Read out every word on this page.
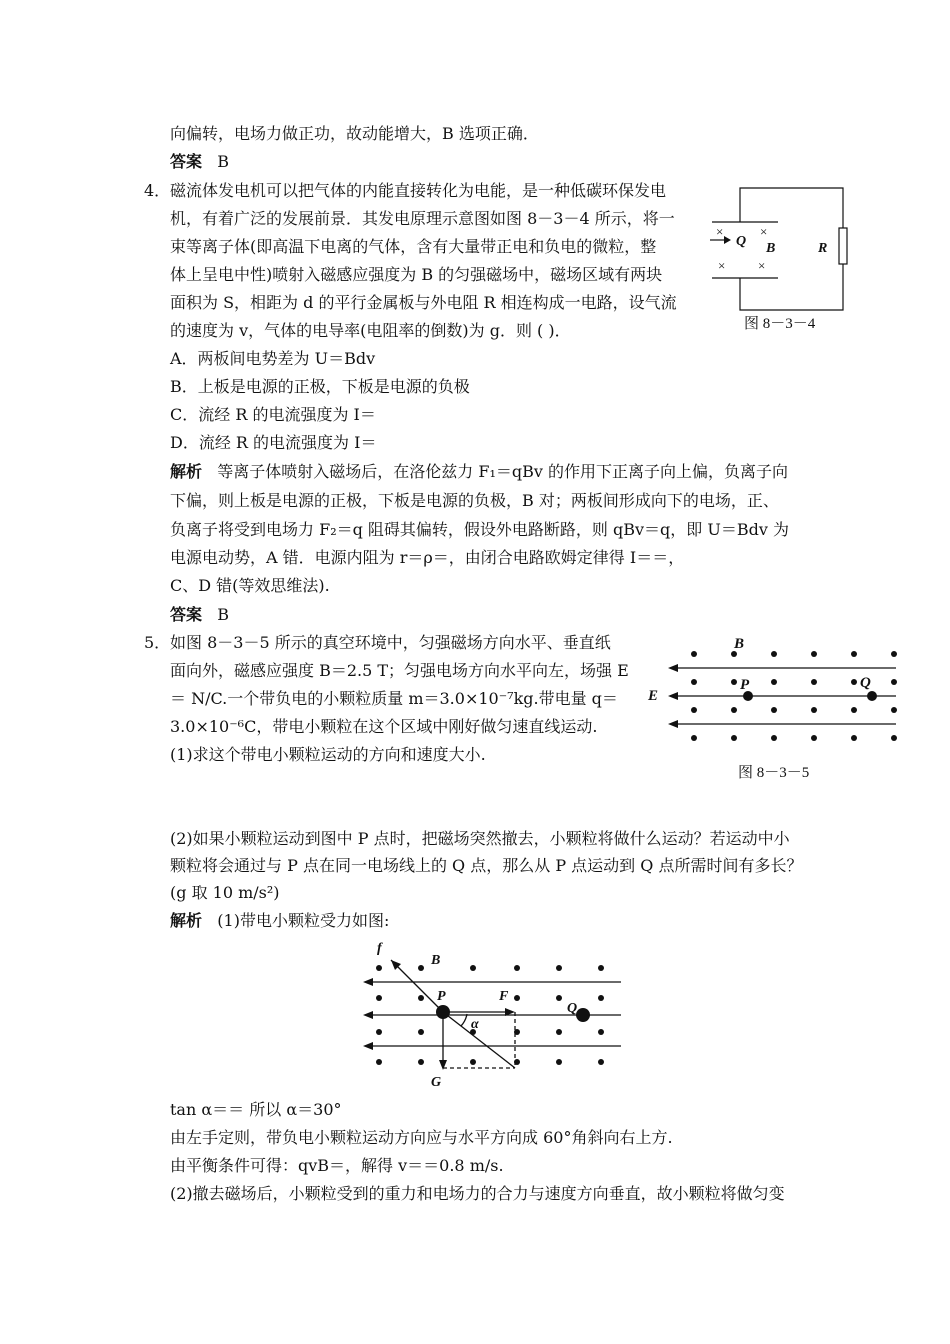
向偏转，电场力做正功，故动能增大，B 选项正确．
答案 B
4． 磁流体发电机可以把气体的内能直接转化为电能，是一种低碳环保发电
机，有着广泛的发展前景．其发电原理示意图如图 8－3－4 所示，将一
束等离子体(即高温下电离的气体，含有大量带正电和负电的微粒，整
体上呈电中性)喷射入磁感应强度为 B 的匀强磁场中，磁场区域有两块
面积为 S，相距为 d 的平行金属板与外电阻 R 相连构成一电路，设气流
的速度为 v，气体的电导率(电阻率的倒数)为 g．则 ( )．
A．两板间电势差为 U＝Bdv
B．上板是电源的正极，下板是电源的负极
C．流经 R 的电流强度为 I＝
D．流经 R 的电流强度为 I＝
解析 等离子体喷射入磁场后，在洛伦兹力 F₁＝qBv 的作用下正离子向上偏，负离子向
下偏，则上板是电源的正极，下板是电源的负极，B 对；两板间形成向下的电场，正、
负离子将受到电场力 F₂＝q 阻碍其偏转，假设外电路断路，则 qBv＝q，即 U＝Bdv 为
电源电动势，A 错．电源内阻为 r＝ρ＝，由闭合电路欧姆定律得 I＝＝，
C、D 错(等效思维法).
答案 B
×	×
×	×
Q B	R
图 8－3－4
5． 如图 8－3－5 所示的真空环境中，匀强磁场方向水平、垂直纸
面向外，磁感应强度 B＝2.5 T；匀强电场方向水平向左，场强 E
＝ N/C.一个带负电的小颗粒质量 m＝3.0×10⁻⁷kg.带电量 q＝
3.0×10⁻⁶C，带电小颗粒在这个区域中刚好做匀速直线运动.
(1)求这个带电小颗粒运动的方向和速度大小.
B
E
P	Q
图 8－3－5
(2)如果小颗粒运动到图中 P 点时，把磁场突然撤去，小颗粒将做什么运动？若运动中小
颗粒将会通过与 P 点在同一电场线上的 Q 点，那么从 P 点运动到 Q 点所需时间有多长？
(g 取 10 m/s²)
解析 (1)带电小颗粒受力如图:
f
B
P	F
Q
α
G
tan α＝＝ 所以 α＝30°
由左手定则，带负电小颗粒运动方向应与水平方向成 60°角斜向右上方.
由平衡条件可得：qvB＝，解得 v＝＝0.8 m/s.
(2)撤去磁场后，小颗粒受到的重力和电场力的合力与速度方向垂直，故小颗粒将做匀变
